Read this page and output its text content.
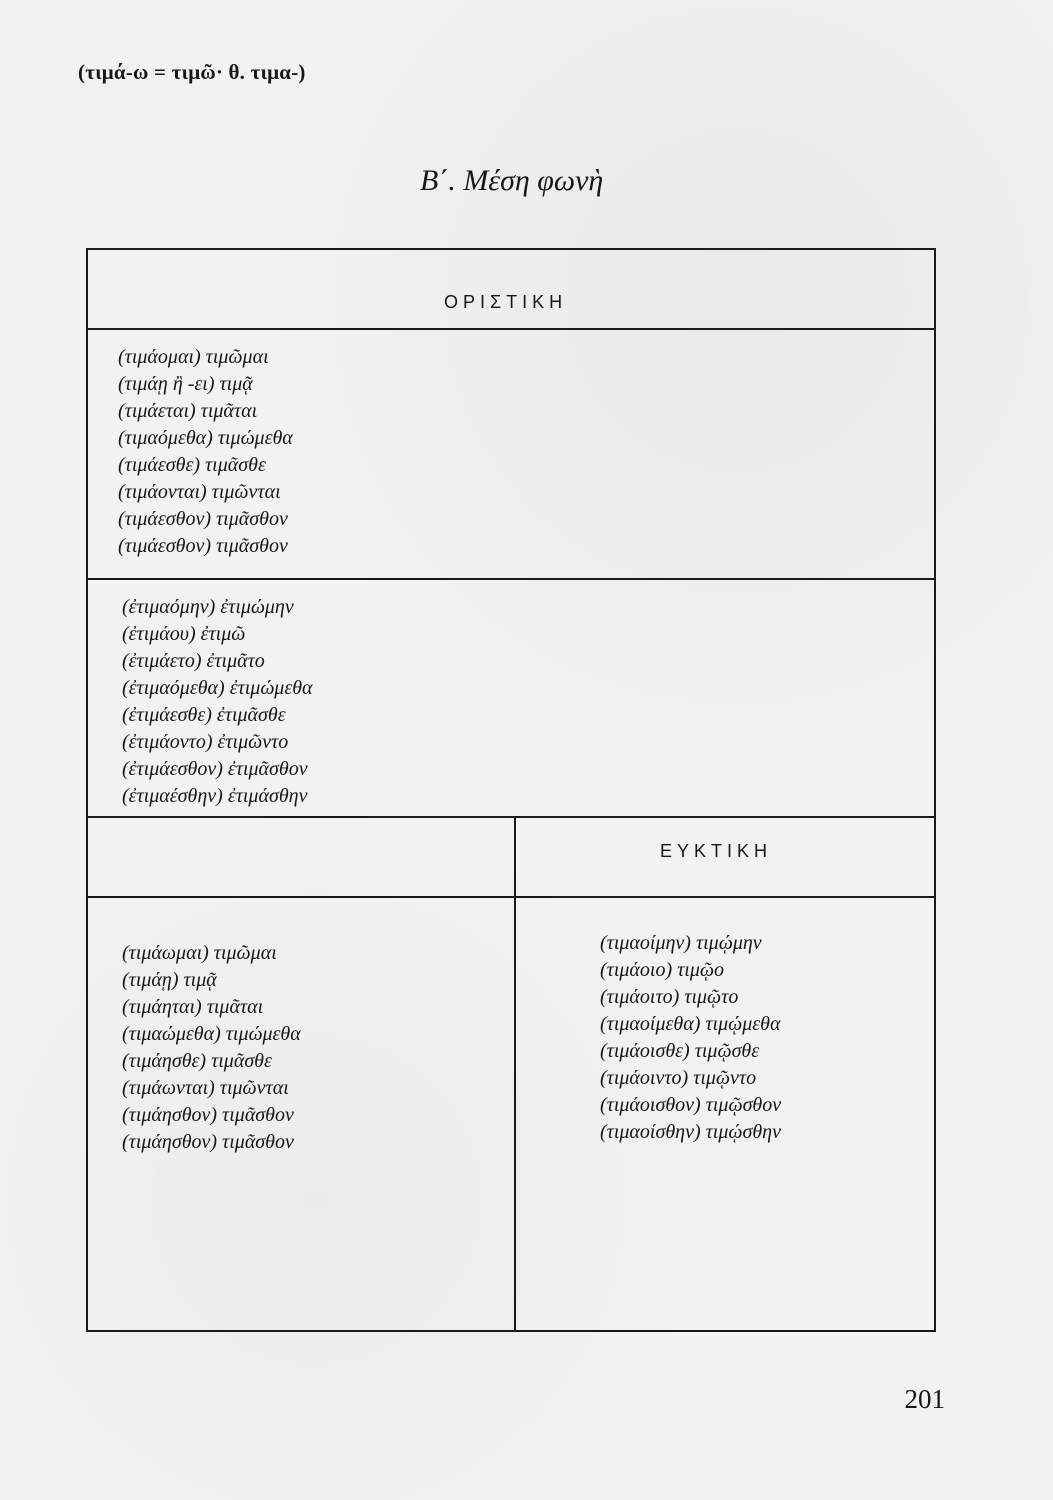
(τιμά-ω = τιμῶ· θ. τιμα-)
Β΄. Μέση φωνὴ
ΟΡΙΣΤΙΚΗ
ΕΥΚΤΙΚΗ
(τιμάομαι) τιμῶμαι
(τιμάῃ ἢ -ει) τιμᾷ
(τιμάεται) τιμᾶται
(τιμαόμεθα) τιμώμεθα
(τιμάεσθε) τιμᾶσθε
(τιμάονται) τιμῶνται
(τιμάεσθον) τιμᾶσθον
(τιμάεσθον) τιμᾶσθον
(ἐτιμαόμην) ἐτιμώμην
(ἐτιμάου) ἐτιμῶ
(ἐτιμάετο) ἐτιμᾶτο
(ἐτιμαόμεθα) ἐτιμώμεθα
(ἐτιμάεσθε) ἐτιμᾶσθε
(ἐτιμάοντο) ἐτιμῶντο
(ἐτιμάεσθον) ἐτιμᾶσθον
(ἐτιμαέσθην) ἐτιμάσθην
(τιμάωμαι) τιμῶμαι
(τιμάῃ) τιμᾷ
(τιμάηται) τιμᾶται
(τιμαώμεθα) τιμώμεθα
(τιμάησθε) τιμᾶσθε
(τιμάωνται) τιμῶνται
(τιμάησθον) τιμᾶσθον
(τιμάησθον) τιμᾶσθον
(τιμαοίμην) τιμῴμην
(τιμάοιο) τιμῷο
(τιμάοιτο) τιμῷτο
(τιμαοίμεθα) τιμῴμεθα
(τιμάοισθε) τιμῷσθε
(τιμάοιντο) τιμῷντο
(τιμάοισθον) τιμῷσθον
(τιμαοίσθην) τιμῴσθην
201
